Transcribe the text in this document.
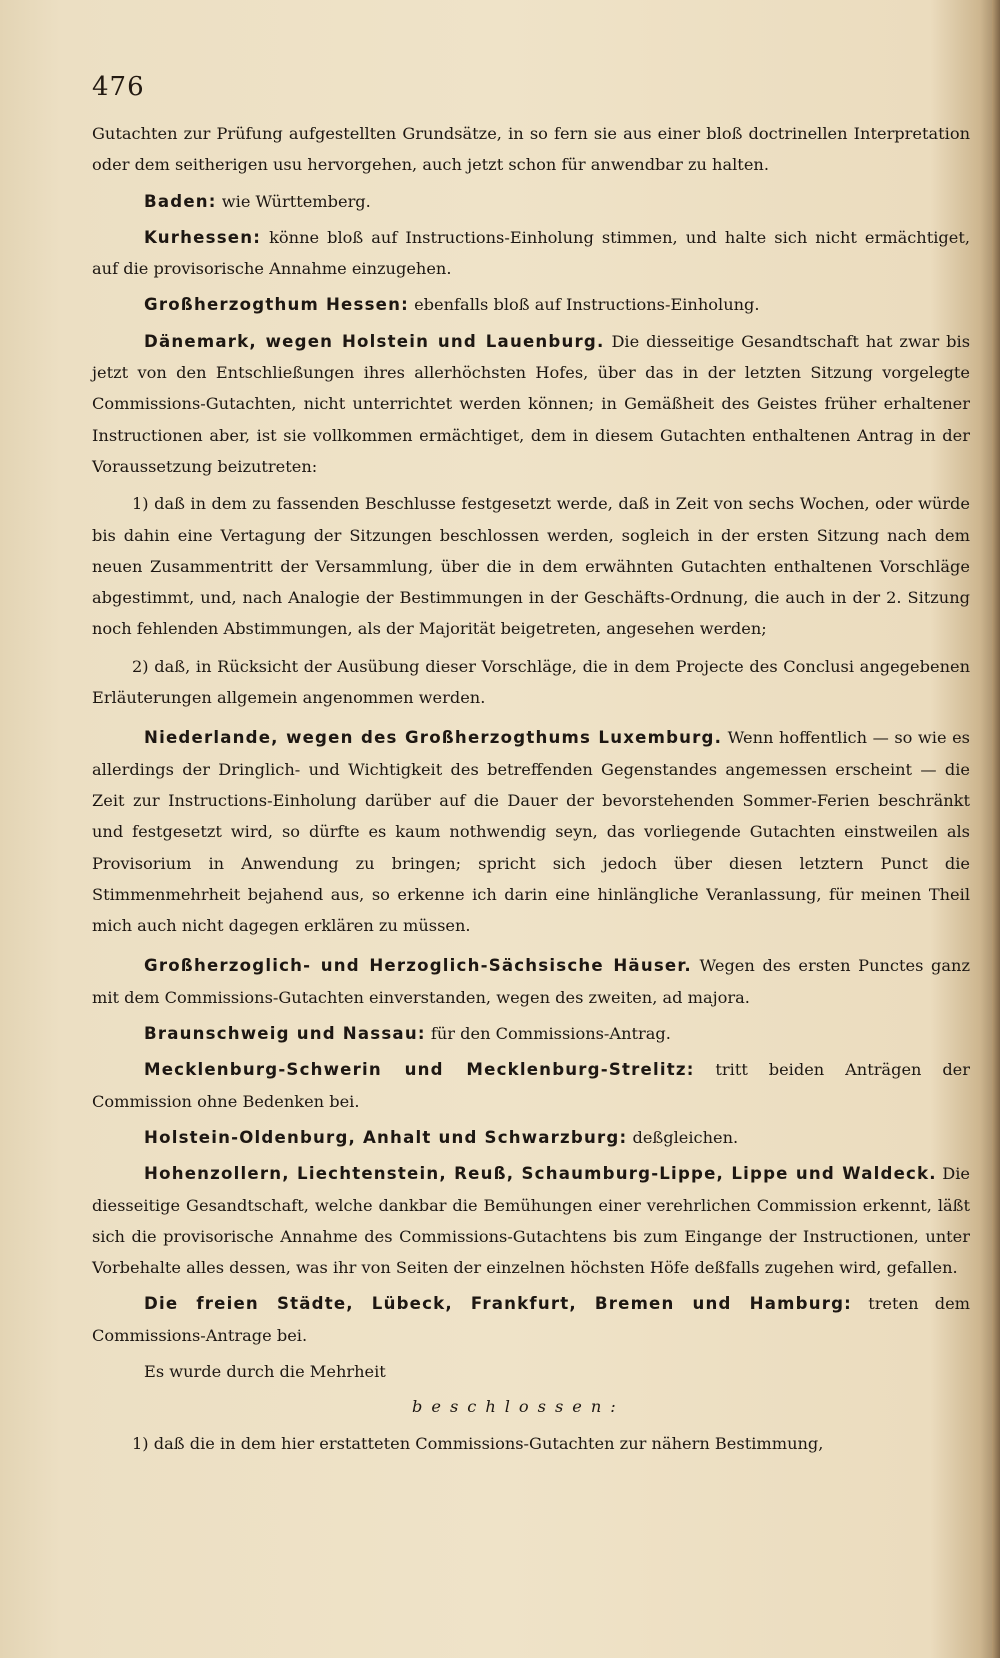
476

Gutachten zur Prüfung aufgestellten Grundsätze, in so fern sie aus einer bloß doctrinellen Interpretation oder dem seitherigen usu hervorgehen, auch jetzt schon für anwendbar zu halten.

Baden: wie Württemberg.

Kurhessen: könne bloß auf Instructions-Einholung stimmen, und halte sich nicht ermächtiget, auf die provisorische Annahme einzugehen.

Großherzogthum Hessen: ebenfalls bloß auf Instructions-Einholung.

Dänemark, wegen Holstein und Lauenburg. Die diesseitige Gesandtschaft hat zwar bis jetzt von den Entschließungen ihres allerhöchsten Hofes, über das in der letzten Sitzung vorgelegte Commissions-Gutachten, nicht unterrichtet werden können; in Gemäßheit des Geistes früher erhaltener Instructionen aber, ist sie vollkommen ermächtiget, dem in diesem Gutachten enthaltenen Antrag in der Voraussetzung beizutreten:

1) daß in dem zu fassenden Beschlusse festgesetzt werde, daß in Zeit von sechs Wochen, oder würde bis dahin eine Vertagung der Sitzungen beschlossen werden, sogleich in der ersten Sitzung nach dem neuen Zusammentritt der Versammlung, über die in dem erwähnten Gutachten enthaltenen Vorschläge abgestimmt, und, nach Analogie der Bestimmungen in der Geschäfts-Ordnung, die auch in der 2. Sitzung noch fehlenden Abstimmungen, als der Majorität beigetreten, angesehen werden;

2) daß, in Rücksicht der Ausübung dieser Vorschläge, die in dem Projecte des Conclusi angegebenen Erläuterungen allgemein angenommen werden.

Niederlande, wegen des Großherzogthums Luxemburg. Wenn hoffentlich — so wie es allerdings der Dringlich- und Wichtigkeit des betreffenden Gegenstandes angemessen erscheint — die Zeit zur Instructions-Einholung darüber auf die Dauer der bevorstehenden Sommer-Ferien beschränkt und festgesetzt wird, so dürfte es kaum nothwendig seyn, das vorliegende Gutachten einstweilen als Provisorium in Anwendung zu bringen; spricht sich jedoch über diesen letztern Punct die Stimmenmehrheit bejahend aus, so erkenne ich darin eine hinlängliche Veranlassung, für meinen Theil mich auch nicht dagegen erklären zu müssen.

Großherzoglich- und Herzoglich-Sächsische Häuser. Wegen des ersten Punctes ganz mit dem Commissions-Gutachten einverstanden, wegen des zweiten, ad majora.

Braunschweig und Nassau: für den Commissions-Antrag.

Mecklenburg-Schwerin und Mecklenburg-Strelitz: tritt beiden Anträgen der Commission ohne Bedenken bei.

Holstein-Oldenburg, Anhalt und Schwarzburg: deßgleichen.

Hohenzollern, Liechtenstein, Reuß, Schaumburg-Lippe, Lippe und Waldeck. Die diesseitige Gesandtschaft, welche dankbar die Bemühungen einer verehrlichen Commission erkennt, läßt sich die provisorische Annahme des Commissions-Gutachtens bis zum Eingange der Instructionen, unter Vorbehalte alles dessen, was ihr von Seiten der einzelnen höchsten Höfe deßfalls zugehen wird, gefallen.

Die freien Städte, Lübeck, Frankfurt, Bremen und Hamburg: treten dem Commissions-Antrage bei.

Es wurde durch die Mehrheit

beschlossen:

1) daß die in dem hier erstatteten Commissions-Gutachten zur nähern Bestimmung,
